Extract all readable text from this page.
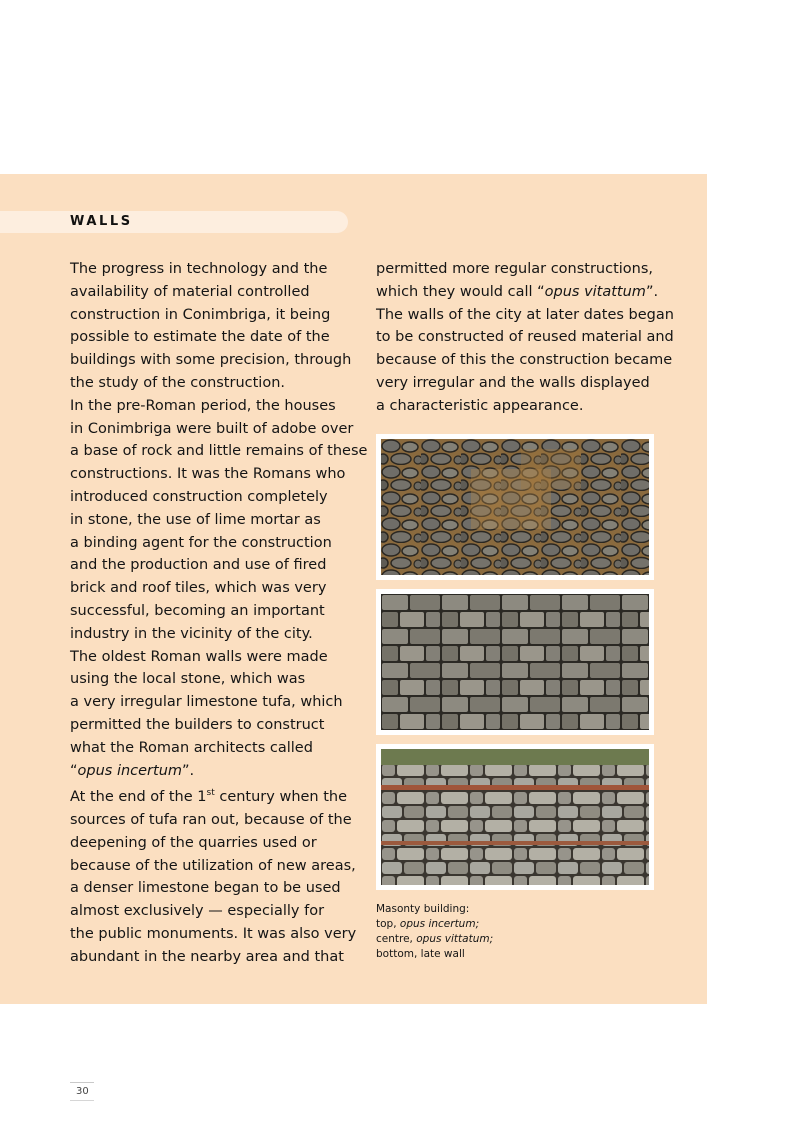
WALLS

The progress in technology and the

availability of material controlled

construction in Conimbriga, it being

possible to estimate the date of the

buildings with some precision, through

the study of the construction.

In the pre-Roman period, the houses

in Conimbriga were built of adobe over

a base of rock and little remains of these

constructions. It was the Romans who

introduced construction completely

in stone, the use of lime mortar as

a binding agent for the construction

and the production and use of fired

brick and roof tiles, which was very

successful, becoming an important

industry in the vicinity of the city.

The oldest Roman walls were made

using the local stone, which was

a very irregular limestone tufa, which

permitted the builders to construct

what the Roman architects called

“opus incertum”.

At the end of the 1st century when the

sources of tufa ran out, because of the

deepening of the quarries used or

because of the utilization of new areas,

a denser limestone began to be used

almost exclusively — especially for

the public monuments. It was also very

abundant in the nearby area and that

permitted more regular constructions,

which they would call “opus vitattum”.

The walls of the city at later dates began

to be constructed of reused material and

because of this the construction became

very irregular and the walls displayed

a characteristic appearance.

Masonty building:

top, opus incertum;

centre, opus vittatum;

bottom, late wall

30
